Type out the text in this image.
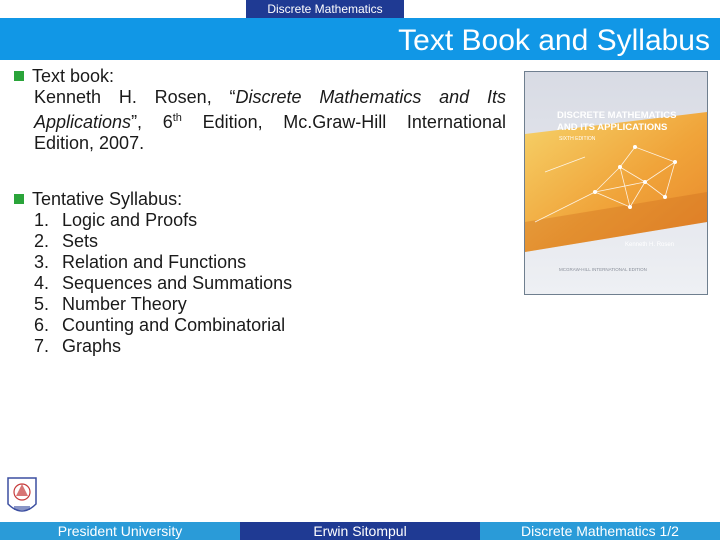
Discrete Mathematics
Text Book and Syllabus
Text book:
Kenneth H. Rosen, “Discrete Mathematics and Its Applications”, 6th Edition, Mc.Graw-Hill International Edition, 2007.
Tentative Syllabus:
1. Logic and Proofs
2. Sets
3. Relation and Functions
4. Sequences and Summations
5. Number Theory
6. Counting and Combinatorial
7. Graphs
DISCRETE MATHEMATICS
AND ITS APPLICATIONS
SIXTH EDITION
Kenneth H. Rosen
MCGRAW-HILL INTERNATIONAL EDITION
President University	Erwin Sitompul	Discrete Mathematics 1/2
